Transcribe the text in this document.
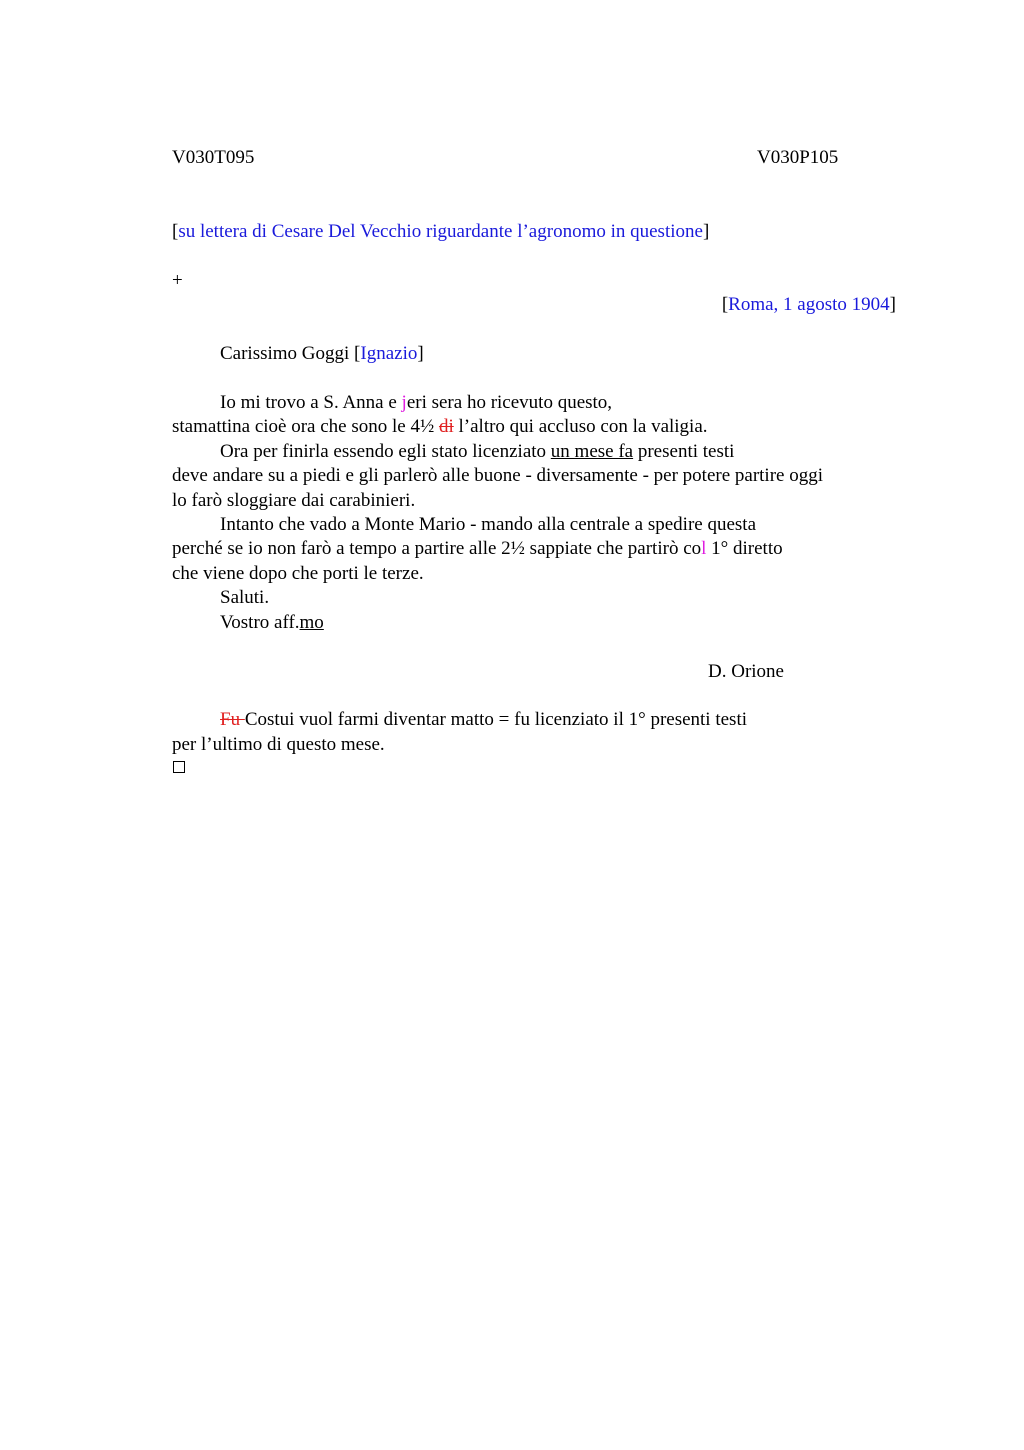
V030T095	V030P105
[su lettera di Cesare Del Vecchio riguardante l’agronomo in questione]
+
[Roma, 1 agosto 1904]
Carissimo Goggi [Ignazio]
Io mi trovo a S. Anna e jeri sera ho ricevuto questo,
stamattina cioè ora che sono le 4½ di l’altro qui accluso con la valigia.
Ora per finirla essendo egli stato licenziato un mese fa presenti testi
deve andare su a piedi e gli parlerò alle buone - diversamente - per potere partire oggi
lo farò sloggiare dai carabinieri.
Intanto che vado a Monte Mario - mando alla centrale a spedire questa
perché se io non farò a tempo a partire alle 2½ sappiate che partirò col 1° diretto
che viene dopo che porti le terze.
Saluti.
Vostro aff.mo
D. Orione
Fu Costui vuol farmi diventar matto = fu licenziato il 1° presenti testi
per l’ultimo di questo mese.
